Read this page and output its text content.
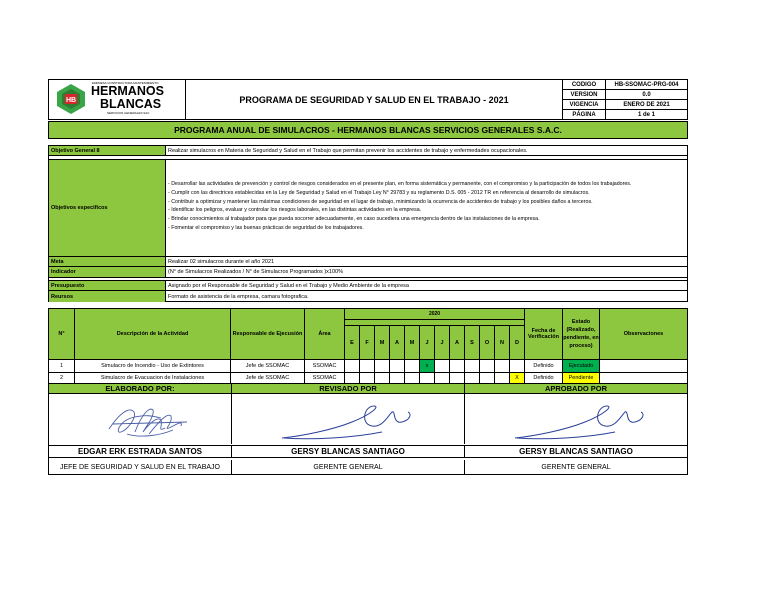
HB
EMPRESA CONSTRUCTORA MANTENIMIENTO
HERMANOS
BLANCAS
SERVICIOS GENERALES SAC
PROGRAMA DE SEGURIDAD Y SALUD EN EL TRABAJO - 2021
CODIGO	HB-SSOMAC-PRG-004
VERSION	0.0
VIGENCIA	ENERO DE 2021
PÁGINA	1 de 1
PROGRAMA ANUAL DE SIMULACROS - HERMANOS BLANCAS SERVICIOS GENERALES S.A.C.
Objetivo General 8	Realizar simulacros en Materia de Seguridad y Salud en el Trabajo que permitan prevenir los accidentes de trabajo y enfermedades ocupacionales.
Objetivos especificos
- Desarrollar las actividades de prevención y control de riesgos considerados en el presente plan, en forma sistemática y permanente, con el compromiso y la participación de todos los trabajadores.
- Cumplir con las directrices establecidas en la Ley de Seguridad y Salud en el Trabajo Ley N° 29783 y su reglamento D.S. 005 - 2012 TR en referencia al desarrollo de simulacros.
- Contribuir a optimizar y mantener las máximas condiciones de seguridad en el lugar de trabajo, minimizando la ocurrencia de accidentes de trabajo y los posibles daños a terceros.
- Identificar los peligros, evaluar y controlar los riesgos laborales, en las distintas actividades en la empresa.
- Brindar conocimientos al trabajador para que pueda socorrer adecuadamente, en caso sucediera una emergencia dentro de las instalaciones de la empresa.
- Fomentar el compromiso y las buenas prácticas de seguridad de los trabajadores.
Meta	Realizar 02 simulacros durante el año 2021
Indicador	(N° de Simulacros Realizados / N° de Simulacros Programados )x100%
Presupuesto	Asignado por el Responsable de Seguridad y Salud en el Trabajo y Medio Ambiente de la empresa
Reursos	Formato de asistencia de la empresa, camara fotografica.
N°	Descripción de la Actividad	Responsable de Ejecusión	Área	2020												Fecha de Verificación	Estado (Realizado, pendiente, en proceso)	Observaciones

				E	F	M	A	M	J	J	A	S	O	N	D			
1	Simulacro de Incendio - Uso de Extintores	Jefe de SSOMAC	SSOMAC						x							Definido	Ejecutado	
2	Simulacro de Evacuacion de Instalaciones	Jefe de SSOMAC	SSOMAC												X	Definido	Pendiente	
ELABORADO POR:	REVISADO POR	APROBADO POR
EDGAR ERK ESTRADA SANTOS	GERSY BLANCAS SANTIAGO	GERSY BLANCAS SANTIAGO
JEFE DE SEGURIDAD Y SALUD EN EL TRABAJO	GERENTE GENERAL	GERENTE GENERAL
